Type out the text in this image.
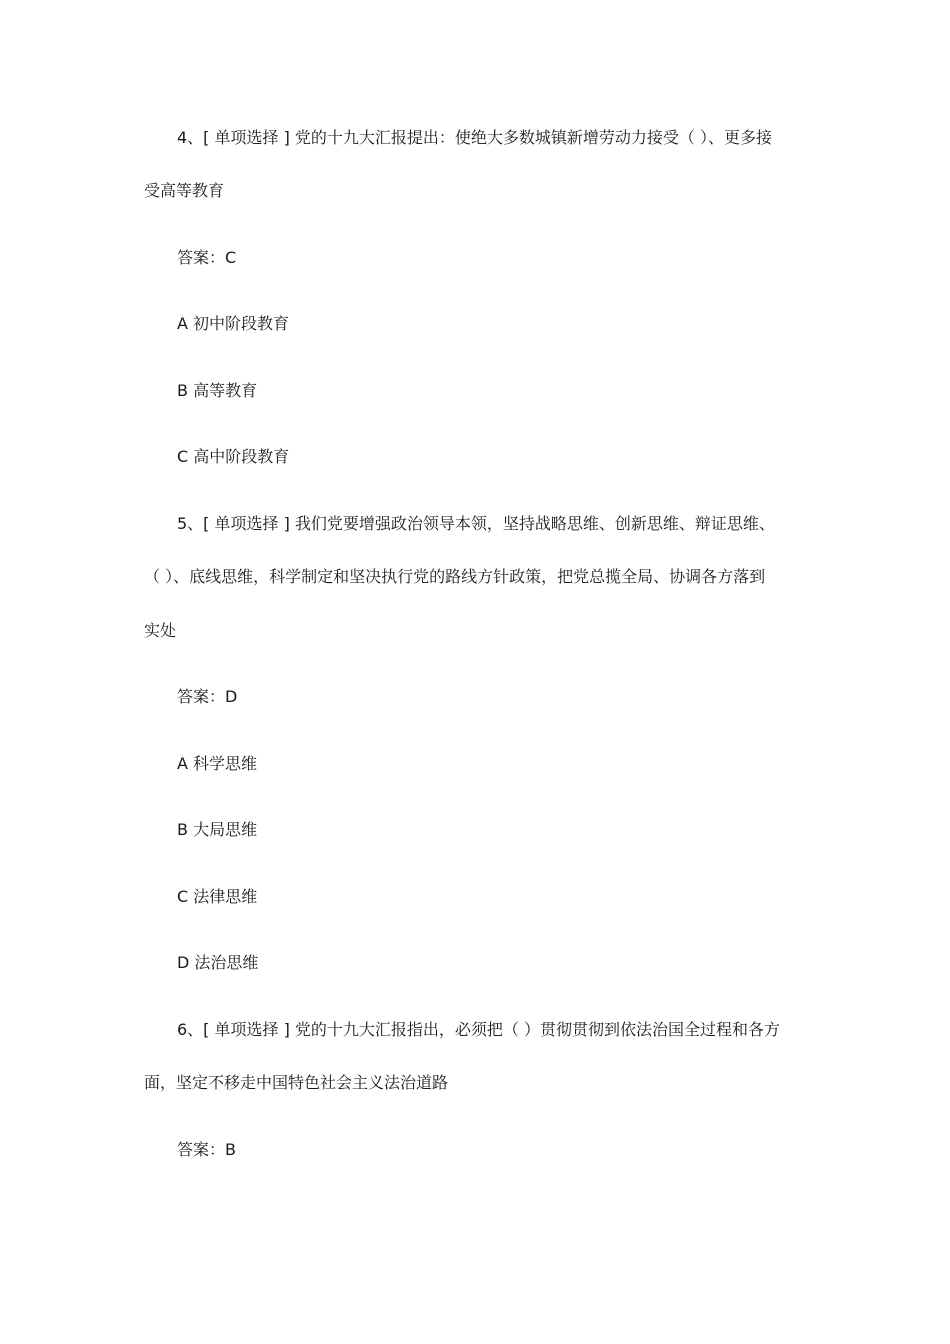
4、[ 单项选择 ] 党的十九大汇报提出：使绝大多数城镇新增劳动力接受（ ）、更多接
受高等教育
答案：C
A 初中阶段教育
B 高等教育
C 高中阶段教育
5、[ 单项选择 ] 我们党要增强政治领导本领，坚持战略思维、创新思维、辩证思维、
（ ）、底线思维，科学制定和坚决执行党的路线方针政策，把党总揽全局、协调各方落到
实处
答案：D
A 科学思维
B 大局思维
C 法律思维
D 法治思维
6、[ 单项选择 ] 党的十九大汇报指出，必须把（ ）贯彻贯彻到依法治国全过程和各方
面，坚定不移走中国特色社会主义法治道路
答案：B
